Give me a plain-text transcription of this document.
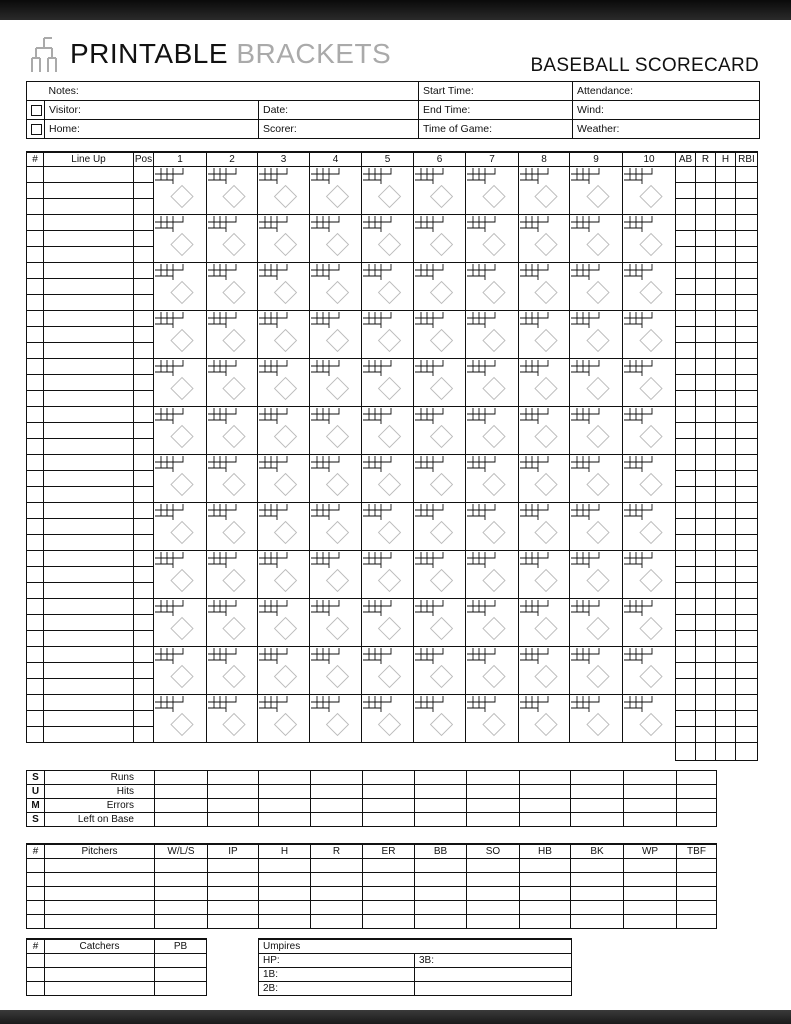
PRINTABLE BRACKETS	BASEBALL SCORECARD
	Notes:		Start Time:	Attendance:
	Visitor:	Date:	End Time:	Wind:
	Home:	Scorer:	Time of Game:	Weather:
#	Line Up	Pos	1	2	3	4	5	6	7	8	9	10	AB	R	H	RBI

S	Runs											
U	Hits											
M	Errors											
S	Left on Base											
#	Pitchers	W/L/S	IP	H	R	ER	BB	SO	HB	BK	WP	TBF

#	Catchers	PB

			Umpires	
HP:	3B:
1B:	
2B:	
